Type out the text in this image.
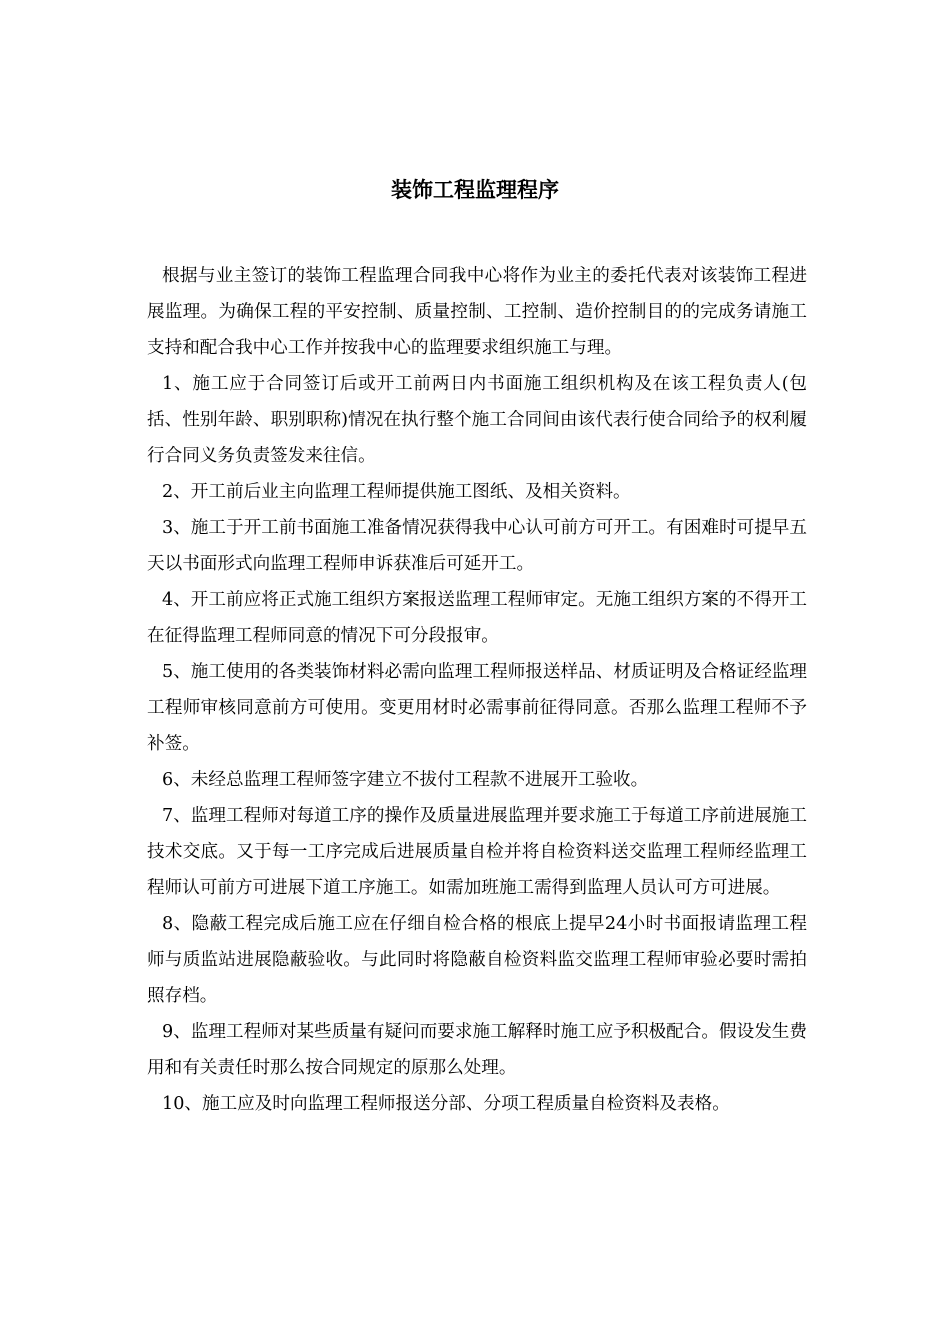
装饰工程监理程序

根据与业主签订的装饰工程监理合同我中心将作为业主的委托代表对该装饰工程进展监理。为确保工程的平安控制、质量控制、工控制、造价控制目的的完成务请施工支持和配合我中心工作并按我中心的监理要求组织施工与理。

1、施工应于合同签订后或开工前两日内书面施工组织机构及在该工程负责人(包括、性别年龄、职别职称)情况在执行整个施工合同间由该代表行使合同给予的权利履行合同义务负责签发来往信。

2、开工前后业主向监理工程师提供施工图纸、及相关资料。

3、施工于开工前书面施工准备情况获得我中心认可前方可开工。有困难时可提早五天以书面形式向监理工程师申诉获准后可延开工。

4、开工前应将正式施工组织方案报送监理工程师审定。无施工组织方案的不得开工在征得监理工程师同意的情况下可分段报审。

5、施工使用的各类装饰材料必需向监理工程师报送样品、材质证明及合格证经监理工程师审核同意前方可使用。变更用材时必需事前征得同意。否那么监理工程师不予补签。

6、未经总监理工程师签字建立不拔付工程款不进展开工验收。

7、监理工程师对每道工序的操作及质量进展监理并要求施工于每道工序前进展施工技术交底。又于每一工序完成后进展质量自检并将自检资料送交监理工程师经监理工程师认可前方可进展下道工序施工。如需加班施工需得到监理人员认可方可进展。

8、隐蔽工程完成后施工应在仔细自检合格的根底上提早24小时书面报请监理工程师与质监站进展隐蔽验收。与此同时将隐蔽自检资料监交监理工程师审验必要时需拍照存档。

9、监理工程师对某些质量有疑问而要求施工解释时施工应予积极配合。假设发生费用和有关责任时那么按合同规定的原那么处理。

10、施工应及时向监理工程师报送分部、分项工程质量自检资料及表格。
